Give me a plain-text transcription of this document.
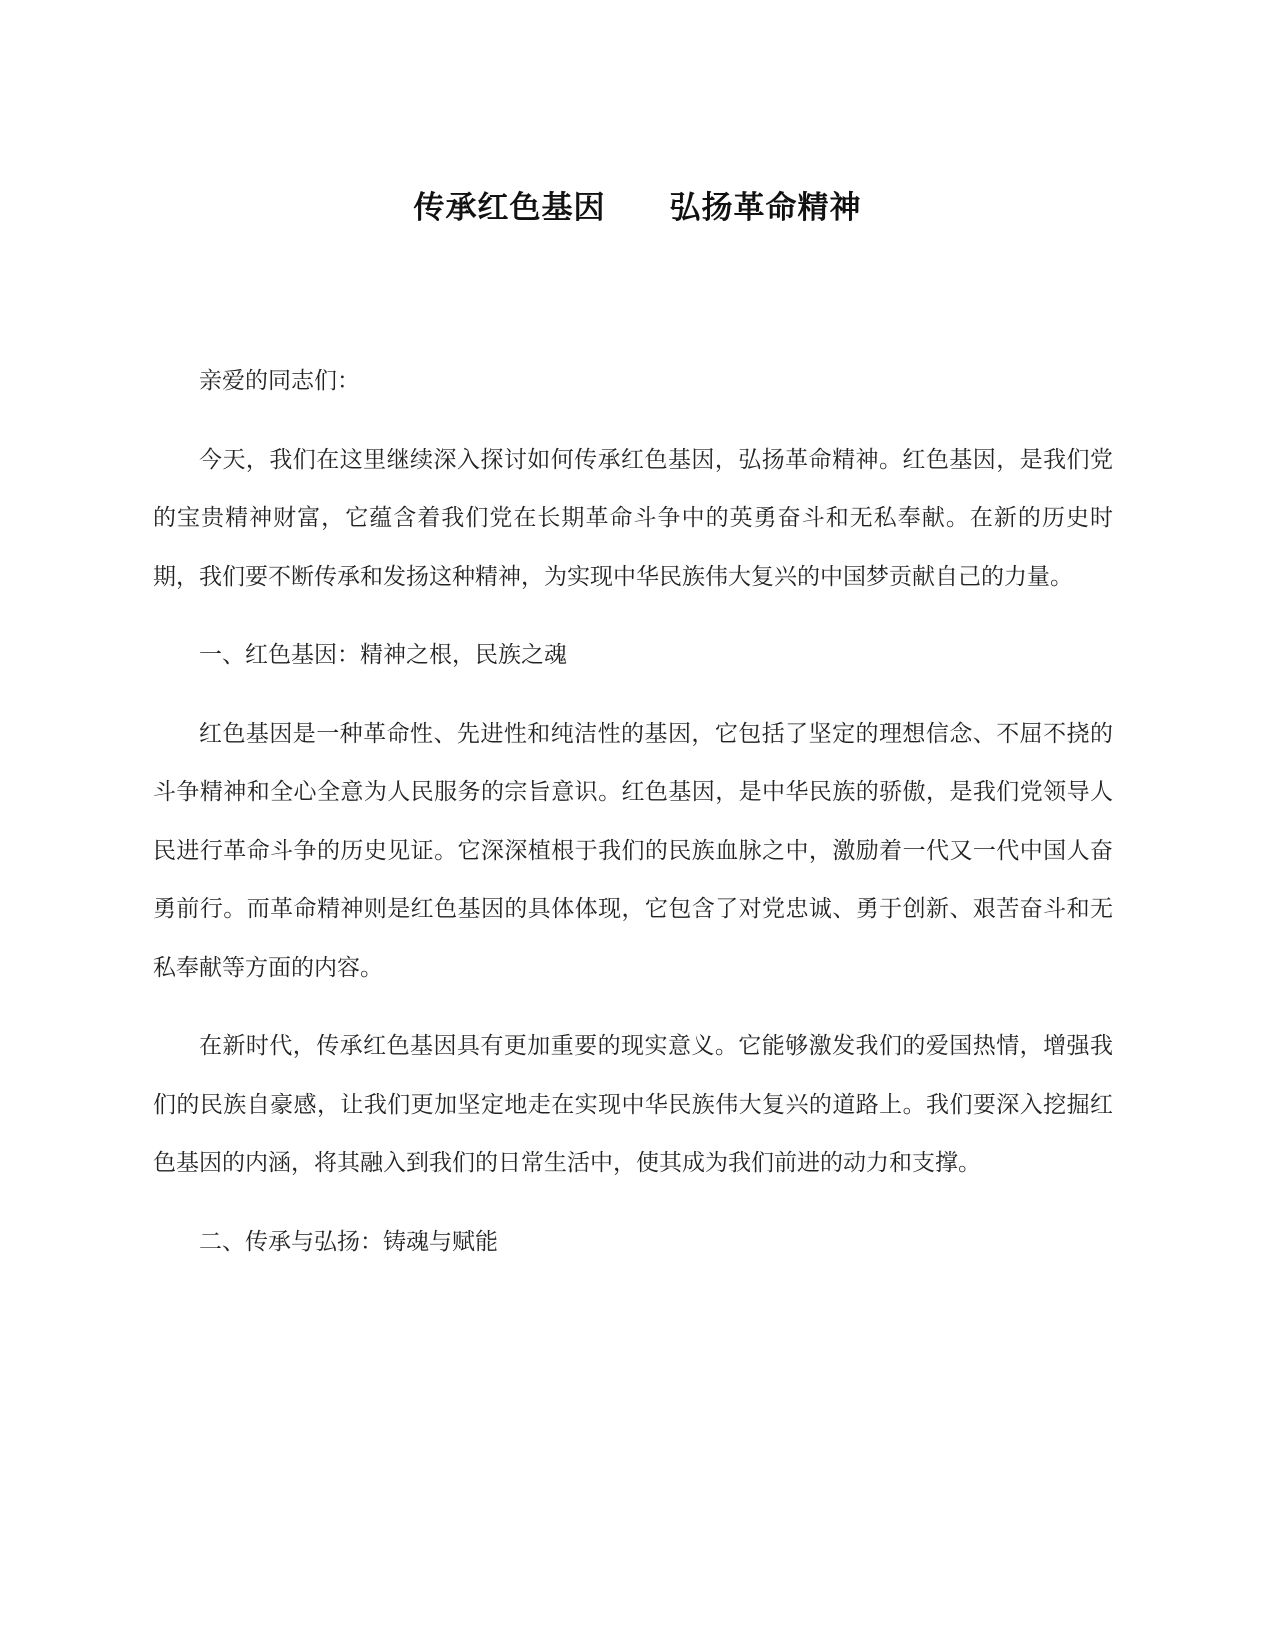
传承红色基因　　弘扬革命精神

亲爱的同志们：

今天，我们在这里继续深入探讨如何传承红色基因，弘扬革命精神。红色基因，是我们党的宝贵精神财富，它蕴含着我们党在长期革命斗争中的英勇奋斗和无私奉献。在新的历史时期，我们要不断传承和发扬这种精神，为实现中华民族伟大复兴的中国梦贡献自己的力量。

一、红色基因：精神之根，民族之魂

红色基因是一种革命性、先进性和纯洁性的基因，它包括了坚定的理想信念、不屈不挠的斗争精神和全心全意为人民服务的宗旨意识。红色基因，是中华民族的骄傲，是我们党领导人民进行革命斗争的历史见证。它深深植根于我们的民族血脉之中，激励着一代又一代中国人奋勇前行。而革命精神则是红色基因的具体体现，它包含了对党忠诚、勇于创新、艰苦奋斗和无私奉献等方面的内容。

在新时代，传承红色基因具有更加重要的现实意义。它能够激发我们的爱国热情，增强我们的民族自豪感，让我们更加坚定地走在实现中华民族伟大复兴的道路上。我们要深入挖掘红色基因的内涵，将其融入到我们的日常生活中，使其成为我们前进的动力和支撑。

二、传承与弘扬：铸魂与赋能
